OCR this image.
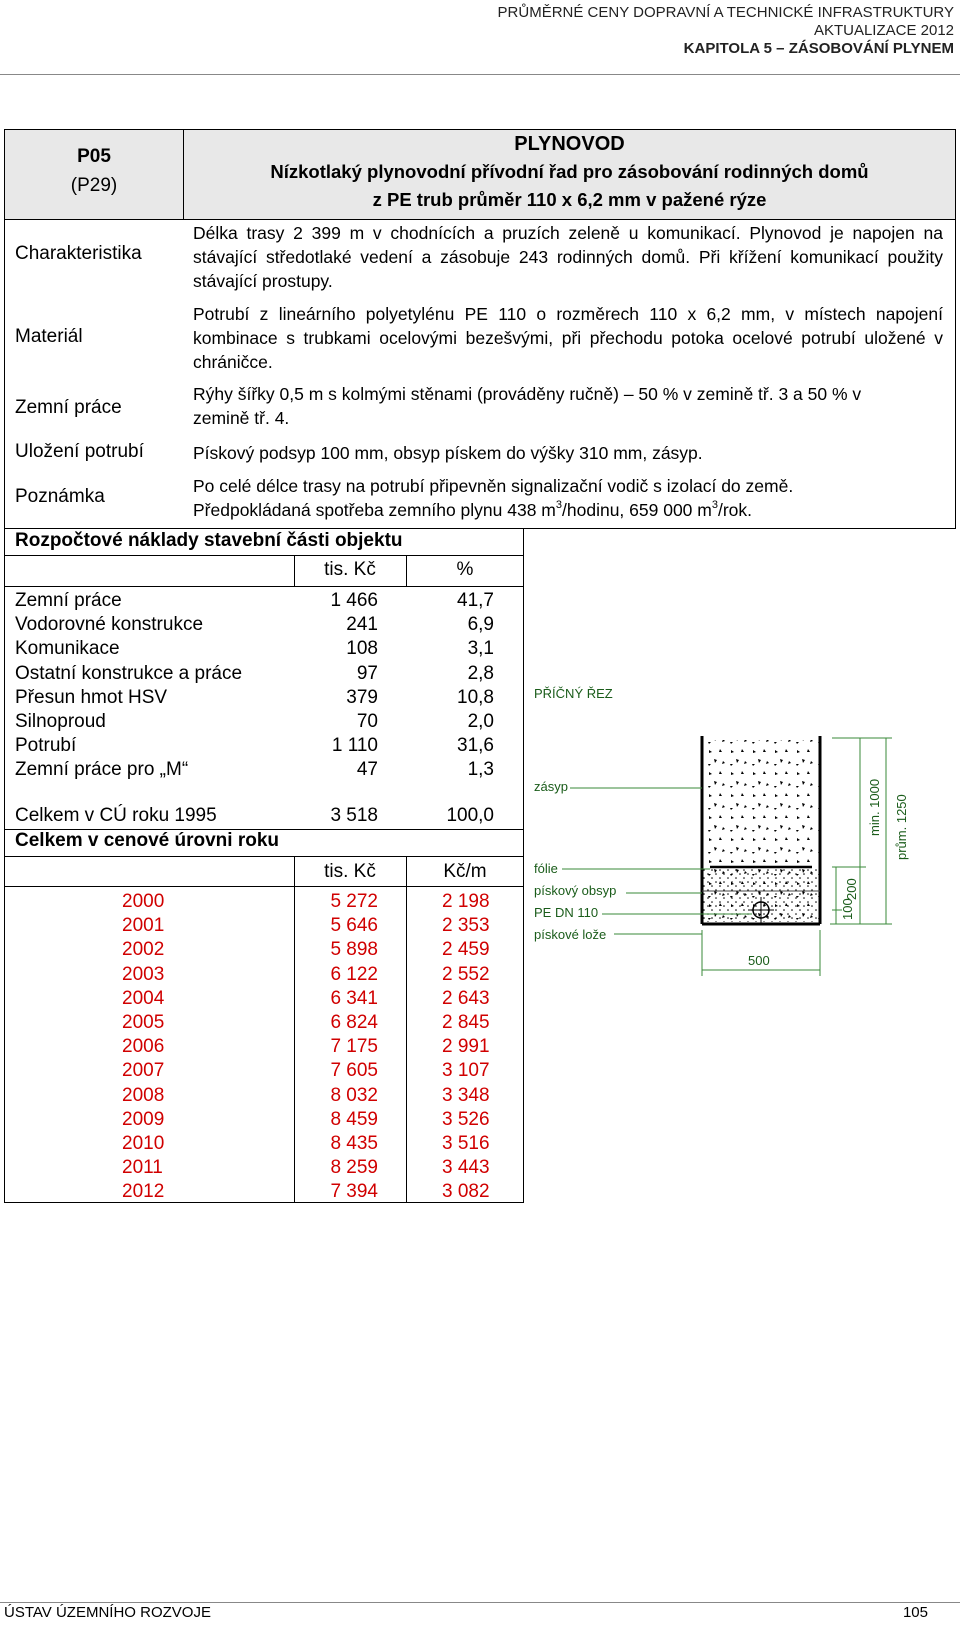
PRŮMĚRNÉ CENY DOPRAVNÍ A TECHNICKÉ INFRASTRUKTURY
AKTUALIZACE 2012
KAPITOLA 5 – ZÁSOBOVÁNÍ PLYNEM
P05
(P29)
PLYNOVOD
Nízkotlaký plynovodní přívodní řad pro zásobování rodinných domů
z PE trub průměr 110 x 6,2 mm v pažené rýze
Charakteristika
Délka trasy 2 399 m v chodnících a pruzích zeleně u komunikací. Plynovod je napojen na stávající středotlaké vedení a zásobuje 243 rodinných domů. Při křížení komunikací použity stávající prostupy.
Materiál
Potrubí z lineárního polyetylénu PE 110 o rozměrech 110 x 6,2 mm, v místech napojení kombinace s trubkami ocelovými bezešvými, při přechodu potoka ocelové potrubí uložené v chráničce.
Zemní práce
Rýhy šířky 0,5 m s kolmými stěnami (prováděny ručně) – 50 % v zemině tř. 3 a 50 % v zemině tř. 4.
Uložení potrubí	Pískový podsyp 100 mm, obsyp pískem do výšky 310 mm, zásyp.
Poznámka	Po celé délce trasy na potrubí připevněn signalizační vodič s izolací do země.
Předpokládaná spotřeba zemního plynu 438 $m^3$/hodinu, 659 000 $m^3$/rok.
Rozpočtové náklady stavební části objektu
tis. Kč	%
Zemní práce	1 466	41,7
Vodorovné konstrukce	241	6,9
Komunikace	108	3,1
Ostatní konstrukce a práce	97	2,8
Přesun hmot HSV	379	10,8
Silnoproud	70	2,0
Potrubí	1 110	31,6
Zemní práce pro „M“	47	1,3
Celkem v CÚ roku 1995	3 518	100,0
Celkem v cenové úrovni roku
tis. Kč	Kč/m
2000	5 272	2 198
2001	5 646	2 353
2002	5 898	2 459
2003	6 122	2 552
2004	6 341	2 643
2005	6 824	2 845
2006	7 175	2 991
2007	7 605	3 107
2008	8 032	3 348
2009	8 459	3 526
2010	8 435	3 516
2011	8 259	3 443
2012	7 394	3 082
PŘÍČNÝ ŘEZ
zásyp
fólie
pískový obsyp
PE DN 110
pískové lože
500
100
200
min. 1000 prům. 1250
ÚSTAV ÚZEMNÍHO ROZVOJE	105
